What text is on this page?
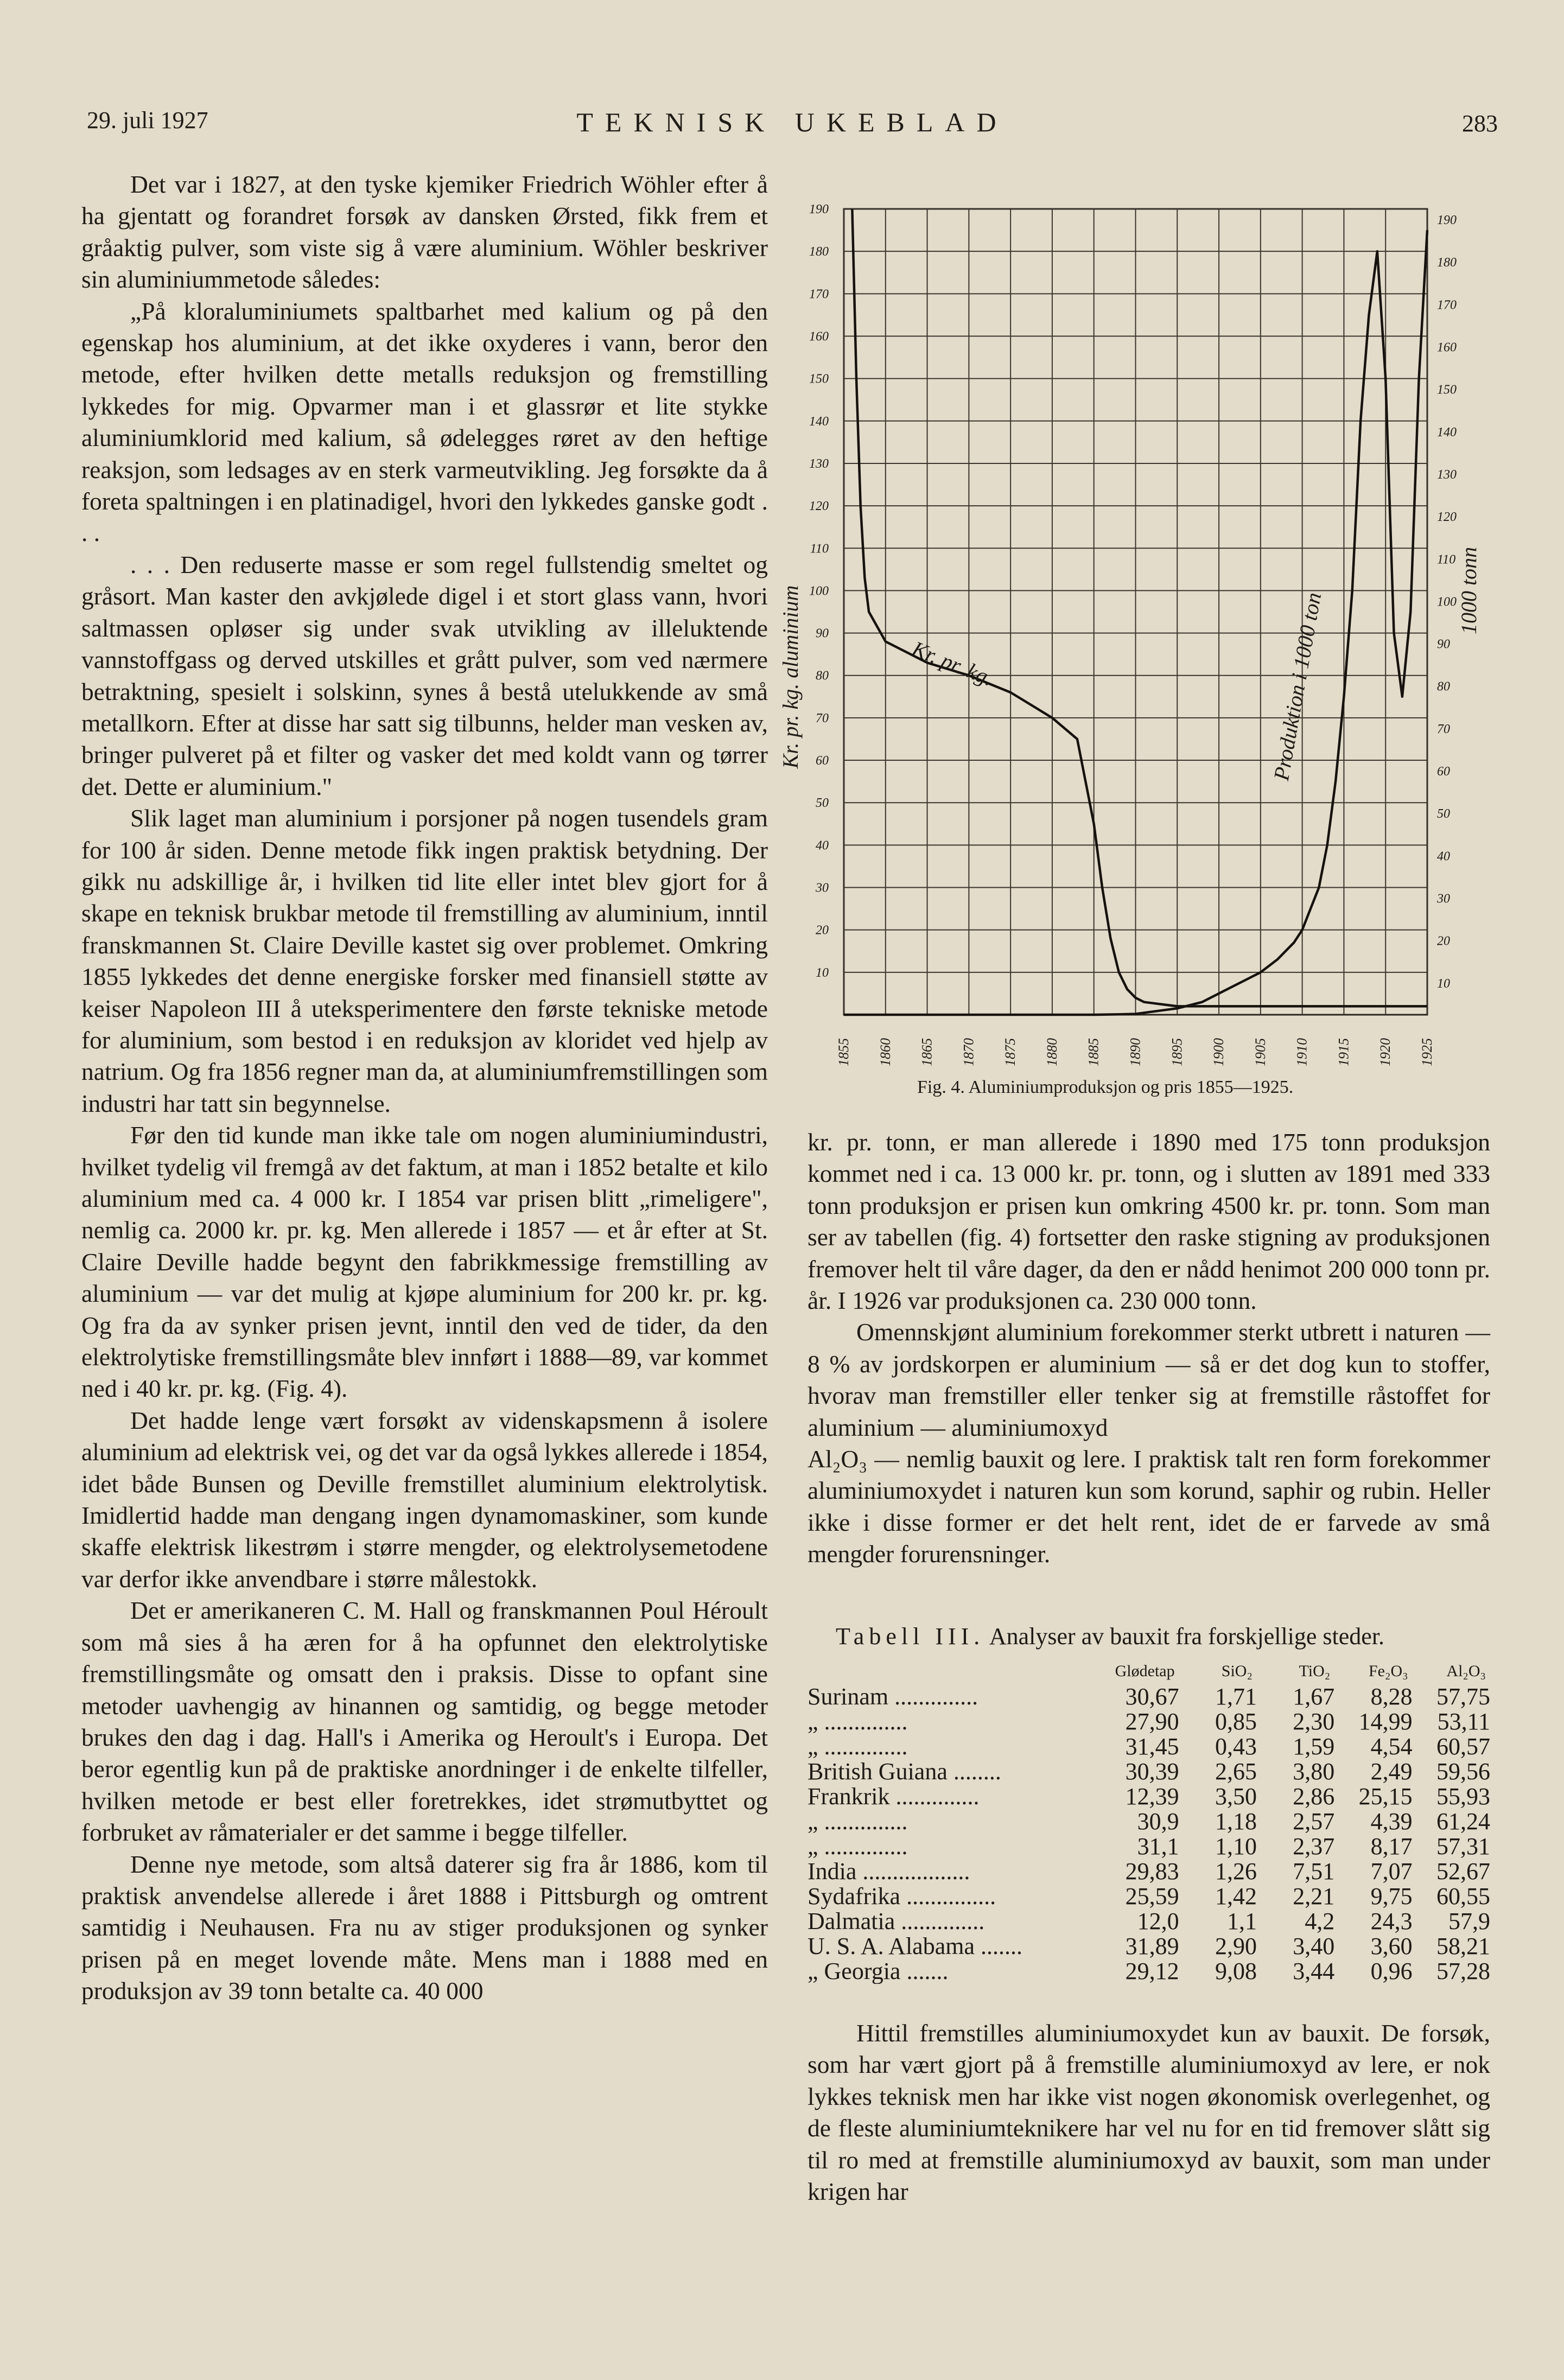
29. juli 1927	TEKNISK UKEBLAD	283

Det var i 1827, at den tyske kjemiker Friedrich Wöhler efter å ha gjentatt og forandret forsøk av dansken Ørsted, fikk frem et gråaktig pulver, som viste sig å være aluminium. Wöhler beskriver sin aluminiummetode således:

„På kloraluminiumets spaltbarhet med kalium og på den egenskap hos aluminium, at det ikke oxyderes i vann, beror den metode, efter hvilken dette metalls reduksjon og fremstilling lykkedes for mig. Opvarmer man i et glassrør et lite stykke aluminiumklorid med kalium, så ødelegges røret av den heftige reaksjon, som ledsages av en sterk varmeutvikling. Jeg forsøkte da å foreta spaltningen i en platinadigel, hvori den lykkedes ganske godt . . .

. . . Den reduserte masse er som regel fullstendig smeltet og gråsort. Man kaster den avkjølede digel i et stort glass vann, hvori saltmassen opløser sig under svak utvikling av illeluktende vannstoffgass og derved utskilles et grått pulver, som ved nærmere betraktning, spesielt i solskinn, synes å bestå utelukkende av små metallkorn. Efter at disse har satt sig tilbunns, helder man vesken av, bringer pulveret på et filter og vasker det med koldt vann og tørrer det. Dette er aluminium."

Slik laget man aluminium i porsjoner på nogen tusendels gram for 100 år siden. Denne metode fikk ingen praktisk betydning. Der gikk nu adskillige år, i hvilken tid lite eller intet blev gjort for å skape en teknisk brukbar metode til fremstilling av aluminium, inntil franskmannen St. Claire Deville kastet sig over problemet. Omkring 1855 lykkedes det denne energiske forsker med finansiell støtte av keiser Napoleon III å uteksperimentere den første tekniske metode for aluminium, som bestod i en reduksjon av kloridet ved hjelp av natrium. Og fra 1856 regner man da, at aluminiumfremstillingen som industri har tatt sin begynnelse.

Før den tid kunde man ikke tale om nogen aluminiumindustri, hvilket tydelig vil fremgå av det faktum, at man i 1852 betalte et kilo aluminium med ca. 4 000 kr. I 1854 var prisen blitt „rimeligere", nemlig ca. 2000 kr. pr. kg. Men allerede i 1857 — et år efter at St. Claire Deville hadde begynt den fabrikkmessige fremstilling av aluminium — var det mulig at kjøpe aluminium for 200 kr. pr. kg. Og fra da av synker prisen jevnt, inntil den ved de tider, da den elektrolytiske fremstillingsmåte blev innført i 1888—89, var kommet ned i 40 kr. pr. kg. (Fig. 4).

Det hadde lenge vært forsøkt av videnskapsmenn å isolere aluminium ad elektrisk vei, og det var da også lykkes allerede i 1854, idet både Bunsen og Deville fremstillet aluminium elektrolytisk. Imidlertid hadde man dengang ingen dynamomaskiner, som kunde skaffe elektrisk likestrøm i større mengder, og elektrolysemetodene var derfor ikke anvendbare i større målestokk.

Det er amerikaneren C. M. Hall og franskmannen Poul Héroult som må sies å ha æren for å ha opfunnet den elektrolytiske fremstillingsmåte og omsatt den i praksis. Disse to opfant sine metoder uavhengig av hinannen og samtidig, og begge metoder brukes den dag i dag. Hall's i Amerika og Heroult's i Europa. Det beror egentlig kun på de praktiske anordninger i de enkelte tilfeller, hvilken metode er best eller foretrekkes, idet strømutbyttet og forbruket av råmaterialer er det samme i begge tilfeller.

Denne nye metode, som altså daterer sig fra år 1886, kom til praktisk anvendelse allerede i året 1888 i Pittsburgh og omtrent samtidig i Neuhausen. Fra nu av stiger produksjonen og synker prisen på en meget lovende måte. Mens man i 1888 med en produksjon av 39 tonn betalte ca. 40 000

1855 1860 1865 1870 1875 1880 1885 1890 1895 1900 1905 1910 1915 1920 1925
10
10
20
20
30
30
40
40
50
50
60
60
70
70
80
80
90
90
100
100
110
110
120
120
130
130
140
140
150
150
160
160
170
170
180
180
190
190
Kr. pr. kg. aluminium	1000 tonn
Kr. pr. kg.	Produktion i 1000 ton
Fig. 4. Aluminiumproduksjon og pris 1855—1925.

kr. pr. tonn, er man allerede i 1890 med 175 tonn produksjon kommet ned i ca. 13 000 kr. pr. tonn, og i slutten av 1891 med 333 tonn produksjon er prisen kun omkring 4500 kr. pr. tonn. Som man ser av tabellen (fig. 4) fortsetter den raske stigning av produksjonen fremover helt til våre dager, da den er nådd henimot 200 000 tonn pr. år. I 1926 var produksjonen ca. 230 000 tonn.

Omennskjønt aluminium forekommer sterkt utbrett i naturen — 8 % av jordskorpen er aluminium — så er det dog kun to stoffer, hvorav man fremstiller eller tenker sig at fremstille råstoffet for aluminium — aluminiumoxyd

Al₂O₃ — nemlig bauxit og lere. I praktisk talt ren form forekommer aluminiumoxydet i naturen kun som korund, saphir og rubin. Heller ikke i disse former er det helt rent, idet de er farvede av små mengder forurensninger.

Tabell III. Analyser av bauxit fra forskjellige steder.
	Glødetap	SiO₂	TiO₂	Fe₂O₃	Al₂O₃
Surinam ..............	30,67	1,71	1,67	8,28	57,75
„ ..............	27,90	0,85	2,30	14,99	53,11
„ ..............	31,45	0,43	1,59	4,54	60,57
British Guiana ........	30,39	2,65	3,80	2,49	59,56
Frankrik ..............	12,39	3,50	2,86	25,15	55,93
„ ..............	30,9	1,18	2,57	4,39	61,24
„ ..............	31,1	1,10	2,37	8,17	57,31
India ..................	29,83	1,26	7,51	7,07	52,67
Sydafrika ...............	25,59	1,42	2,21	9,75	60,55
Dalmatia ..............	12,0	1,1	4,2	24,3	57,9
U. S. A. Alabama .......	31,89	2,90	3,40	3,60	58,21
„ Georgia .......	29,12	9,08	3,44	0,96	57,28

Hittil fremstilles aluminiumoxydet kun av bauxit. De forsøk, som har vært gjort på å fremstille aluminiumoxyd av lere, er nok lykkes teknisk men har ikke vist nogen økonomisk overlegenhet, og de fleste aluminiumteknikere har vel nu for en tid fremover slått sig til ro med at fremstille aluminiumoxyd av bauxit, som man under krigen har
